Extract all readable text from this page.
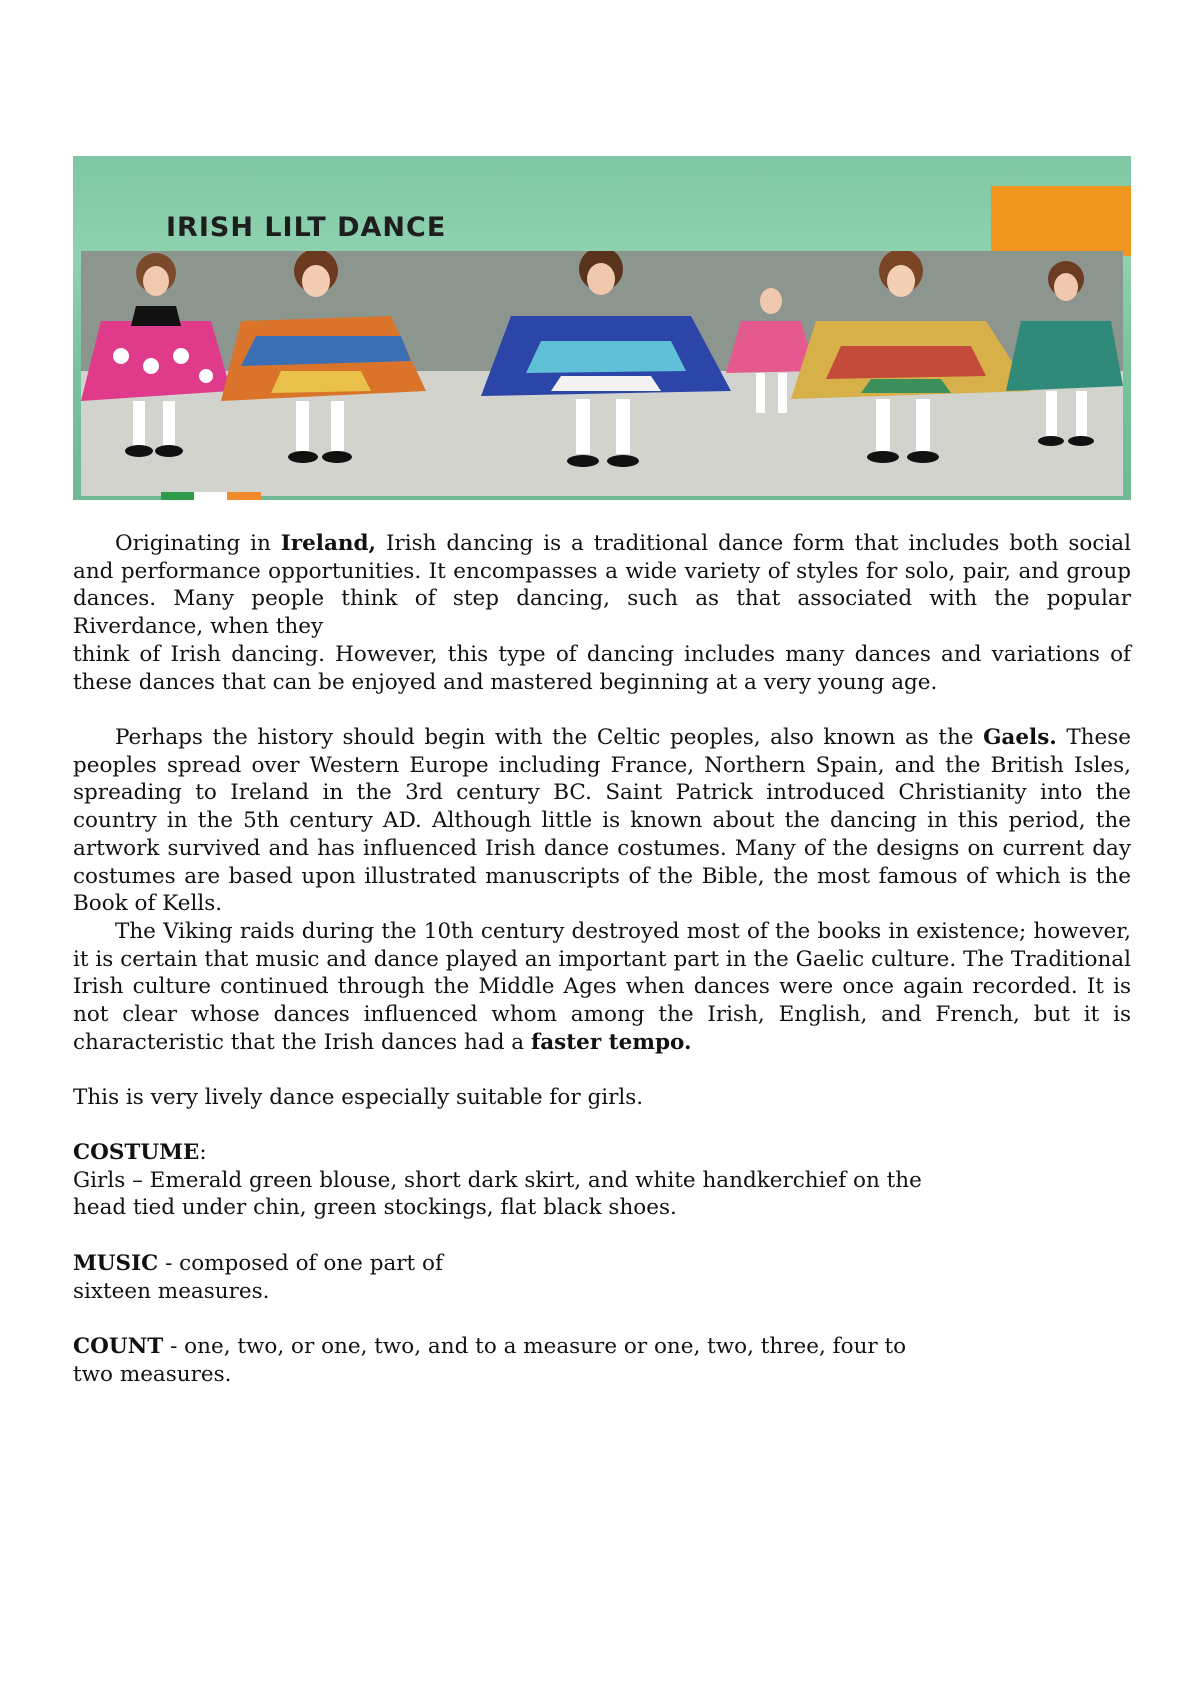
IRISH LILT DANCE

Originating in Ireland, Irish dancing is a traditional dance form that includes both social and performance opportunities. It encompasses a wide variety of styles for solo, pair, and group dances. Many people think of step dancing, such as that associated with the popular Riverdance, when they

think of Irish dancing. However, this type of dancing includes many dances and variations of these dances that can be enjoyed and mastered beginning at a very young age.

Perhaps the history should begin with the Celtic peoples, also known as the Gaels. These peoples spread over Western Europe including France, Northern Spain, and the British Isles, spreading to Ireland in the 3rd century BC. Saint Patrick introduced Christianity into the country in the 5th century AD. Although little is known about the dancing in this period, the artwork survived and has influenced Irish dance costumes. Many of the designs on current day costumes are based upon illustrated manuscripts of the Bible, the most famous of which is the Book of Kells.

The Viking raids during the 10th century destroyed most of the books in existence; however, it is certain that music and dance played an important part in the Gaelic culture. The Traditional Irish culture continued through the Middle Ages when dances were once again recorded. It is not clear whose dances influenced whom among the Irish, English, and French, but it is characteristic that the Irish dances had a faster tempo.

This is very lively dance especially suitable for girls.

COSTUME:
Girls – Emerald green blouse, short dark skirt, and white handkerchief on the
head tied under chin, green stockings, flat black shoes.

MUSIC - composed of one part of
sixteen measures.

COUNT - one, two, or one, two, and to a measure or one, two, three, four to
two measures.
